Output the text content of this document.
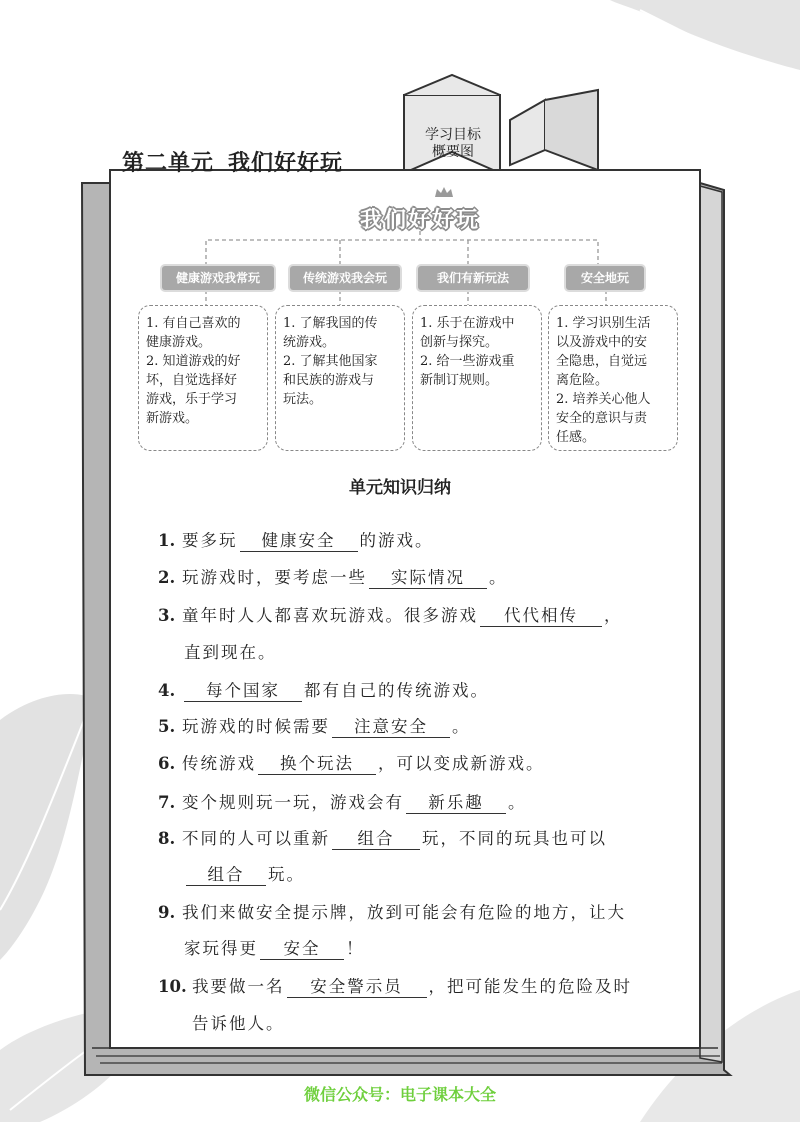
第二单元 我们好好玩
学习目标
概要图
我们好好玩
健康游戏我常玩	传统游戏我会玩	我们有新玩法	安全地玩
1. 有自己喜欢的
健康游戏。
2. 知道游戏的好
坏，自觉选择好
游戏，乐于学习
新游戏。
1. 了解我国的传
统游戏。
2. 了解其他国家
和民族的游戏与
玩法。
1. 乐于在游戏中
创新与探究。
2. 给一些游戏重
新制订规则。
1. 学习识别生活
以及游戏中的安
全隐患，自觉远
离危险。
2. 培养关心他人
安全的意识与责
任感。
单元知识归纳
1. 要多玩 健康安全 的游戏。
2. 玩游戏时，要考虑一些 实际情况 。
3. 童年时人人都喜欢玩游戏。很多游戏 代代相传 ，
直到现在。
4. 每个国家 都有自己的传统游戏。
5. 玩游戏的时候需要 注意安全 。
6. 传统游戏 换个玩法 ，可以变成新游戏。
7. 变个规则玩一玩，游戏会有 新乐趣 。
8. 不同的人可以重新 组合 玩，不同的玩具也可以
组合 玩。
9. 我们来做安全提示牌，放到可能会有危险的地方，让大
家玩得更 安全 ！
10. 我要做一名 安全警示员 ，把可能发生的危险及时
告诉他人。
微信公众号：电子课本大全
